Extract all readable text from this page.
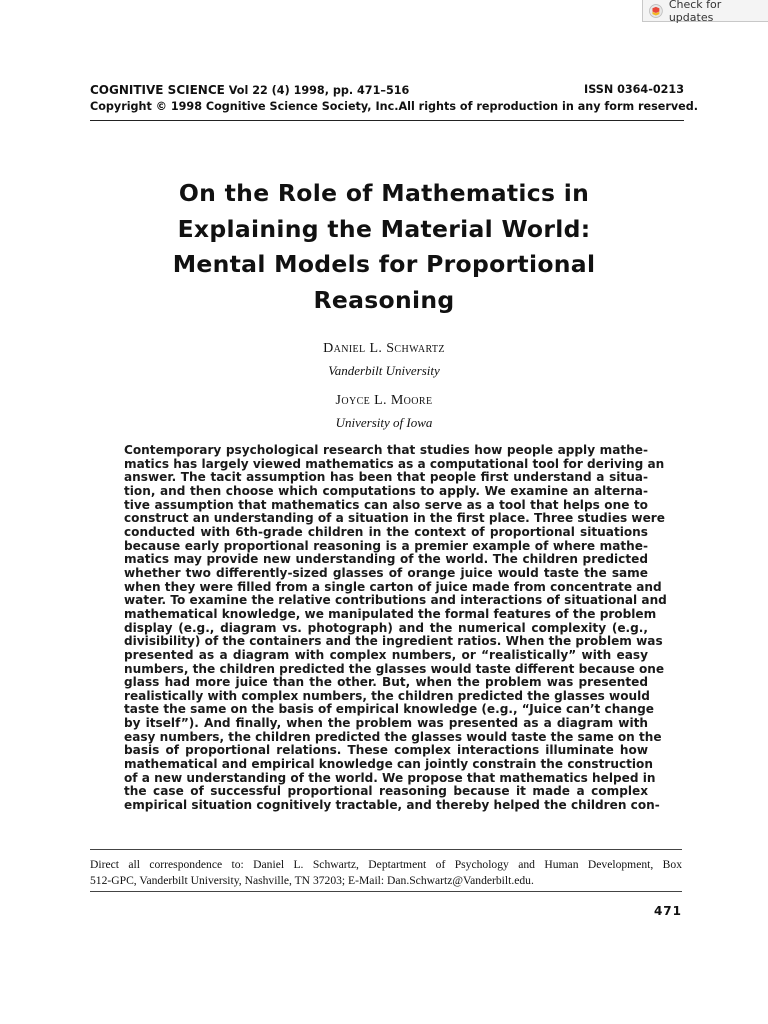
Check for updates
COGNITIVE SCIENCE Vol 22 (4) 1998, pp. 471–516	ISSN 0364-0213
Copyright © 1998 Cognitive Science Society, Inc. All rights of reproduction in any form reserved.
On the Role of Mathematics in
Explaining the Material World:
Mental Models for Proportional
Reasoning
Daniel L. Schwartz
Vanderbilt University
Joyce L. Moore
University of Iowa
Contemporary psychological research that studies how people apply mathe-
matics has largely viewed mathematics as a computational tool for deriving an
answer. The tacit assumption has been that people first understand a situa-
tion, and then choose which computations to apply. We examine an alterna-
tive assumption that mathematics can also serve as a tool that helps one to
construct an understanding of a situation in the first place. Three studies were
conducted with 6th-grade children in the context of proportional situations
because early proportional reasoning is a premier example of where mathe-
matics may provide new understanding of the world. The children predicted
whether two differently-sized glasses of orange juice would taste the same
when they were filled from a single carton of juice made from concentrate and
water. To examine the relative contributions and interactions of situational and
mathematical knowledge, we manipulated the formal features of the problem
display (e.g., diagram vs. photograph) and the numerical complexity (e.g.,
divisibility) of the containers and the ingredient ratios. When the problem was
presented as a diagram with complex numbers, or “realistically” with easy
numbers, the children predicted the glasses would taste different because one
glass had more juice than the other. But, when the problem was presented
realistically with complex numbers, the children predicted the glasses would
taste the same on the basis of empirical knowledge (e.g., “Juice can’t change
by itself”). And finally, when the problem was presented as a diagram with
easy numbers, the children predicted the glasses would taste the same on the
basis of proportional relations. These complex interactions illuminate how
mathematical and empirical knowledge can jointly constrain the construction
of a new understanding of the world. We propose that mathematics helped in
the case of successful proportional reasoning because it made a complex
empirical situation cognitively tractable, and thereby helped the children con-
Direct all correspondence to: Daniel L. Schwartz, Deptartment of Psychology and Human Development, Box
512-GPC, Vanderbilt University, Nashville, TN 37203; E-Mail: Dan.Schwartz@Vanderbilt.edu.
471
